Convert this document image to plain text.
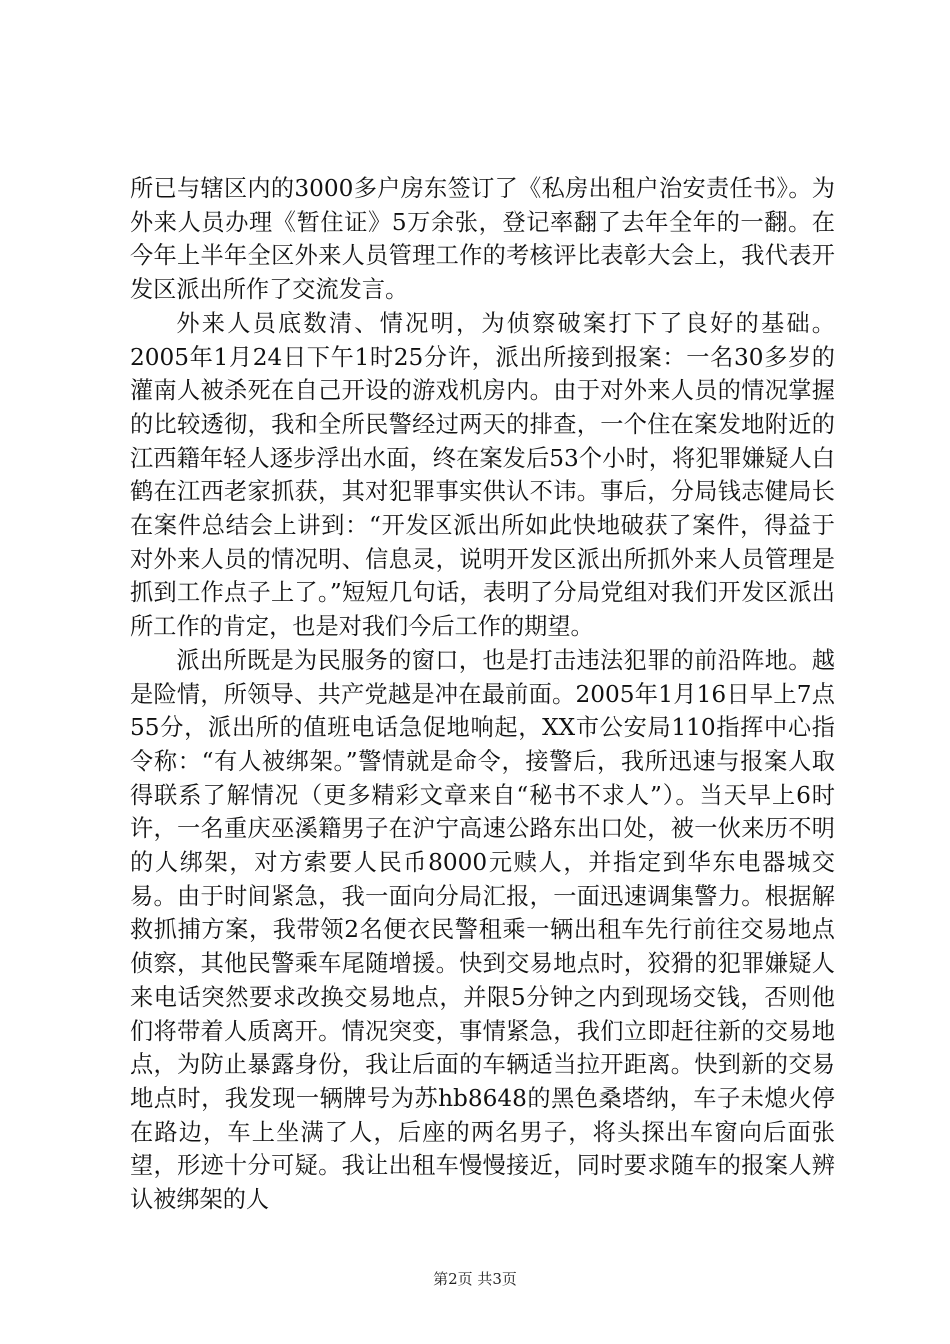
所已与辖区内的3000多户房东签订了《私房出租户治安责任书》。为外来人员办理《暂住证》5万余张，登记率翻了去年全年的一翻。在今年上半年全区外来人员管理工作的考核评比表彰大会上，我代表开发区派出所作了交流发言。

外来人员底数清、情况明，为侦察破案打下了良好的基础。2005年1月24日下午1时25分许，派出所接到报案：一名30多岁的灌南人被杀死在自己开设的游戏机房内。由于对外来人员的情况掌握的比较透彻，我和全所民警经过两天的排查，一个住在案发地附近的江西籍年轻人逐步浮出水面，终在案发后53个小时，将犯罪嫌疑人白鹤在江西老家抓获，其对犯罪事实供认不讳。事后，分局钱志健局长在案件总结会上讲到：“开发区派出所如此快地破获了案件，得益于对外来人员的情况明、信息灵，说明开发区派出所抓外来人员管理是抓到工作点子上了。”短短几句话，表明了分局党组对我们开发区派出所工作的肯定，也是对我们今后工作的期望。

派出所既是为民服务的窗口，也是打击违法犯罪的前沿阵地。越是险情，所领导、共产党越是冲在最前面。2005年1月16日早上7点55分，派出所的值班电话急促地响起，XX市公安局110指挥中心指令称：“有人被绑架。”警情就是命令，接警后，我所迅速与报案人取得联系了解情况（更多精彩文章来自“秘书不求人”）。当天早上6时许，一名重庆巫溪籍男子在沪宁高速公路东出口处，被一伙来历不明的人绑架，对方索要人民币8000元赎人，并指定到华东电器城交易。由于时间紧急，我一面向分局汇报，一面迅速调集警力。根据解救抓捕方案，我带领2名便衣民警租乘一辆出租车先行前往交易地点侦察，其他民警乘车尾随增援。快到交易地点时，狡猾的犯罪嫌疑人来电话突然要求改换交易地点，并限5分钟之内到现场交钱，否则他们将带着人质离开。情况突变，事情紧急，我们立即赶往新的交易地点，为防止暴露身份，我让后面的车辆适当拉开距离。快到新的交易地点时，我发现一辆牌号为苏hb8648的黑色桑塔纳，车子未熄火停在路边，车上坐满了人，后座的两名男子，将头探出车窗向后面张望，形迹十分可疑。我让出租车慢慢接近，同时要求随车的报案人辨认被绑架的人

第2页 共3页
